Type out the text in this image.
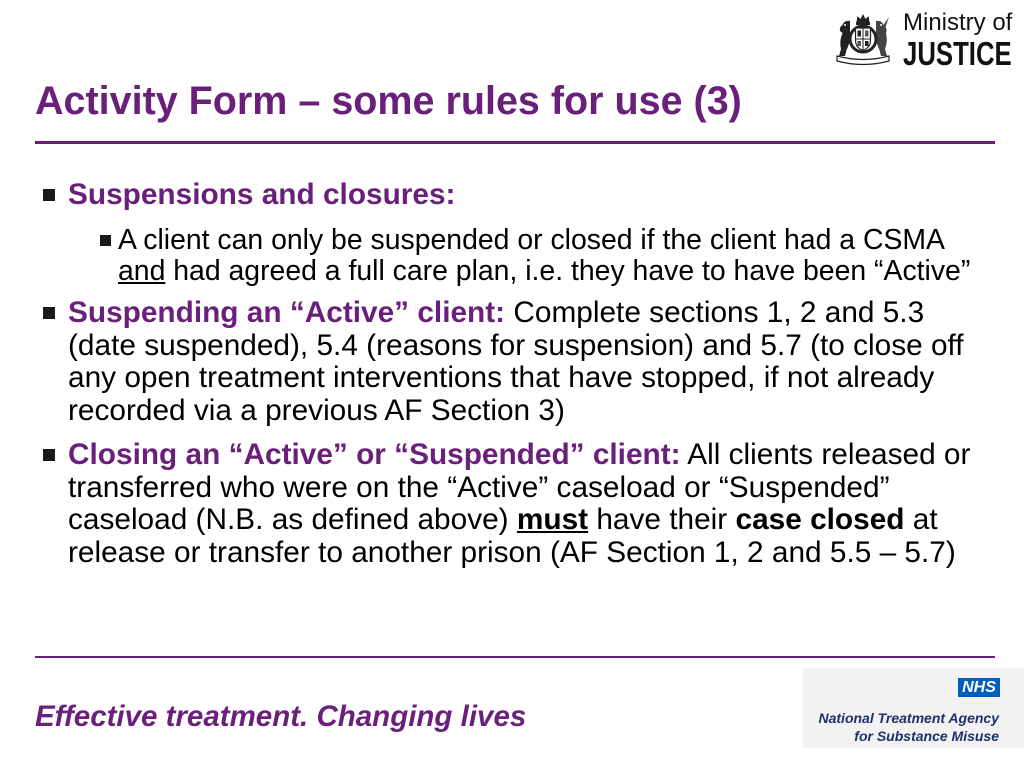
Ministry of
JUSTICE
Activity Form – some rules for use (3)

Suspensions and closures:

A client can only be suspended or closed if the client had a CSMA
and had agreed a full care plan, i.e. they have to have been “Active”

Suspending an “Active” client: Complete sections 1, 2 and 5.3
(date suspended), 5.4 (reasons for suspension) and 5.7 (to close off
any open treatment interventions that have stopped, if not already
recorded via a previous AF Section 3)

Closing an “Active” or “Suspended” client: All clients released or
transferred who were on the “Active” caseload or “Suspended”
caseload (N.B. as defined above) must have their case closed at
release or transfer to another prison (AF Section 1, 2 and 5.5 – 5.7)

Effective treatment. Changing lives

NHS
National Treatment Agency
for Substance Misuse
